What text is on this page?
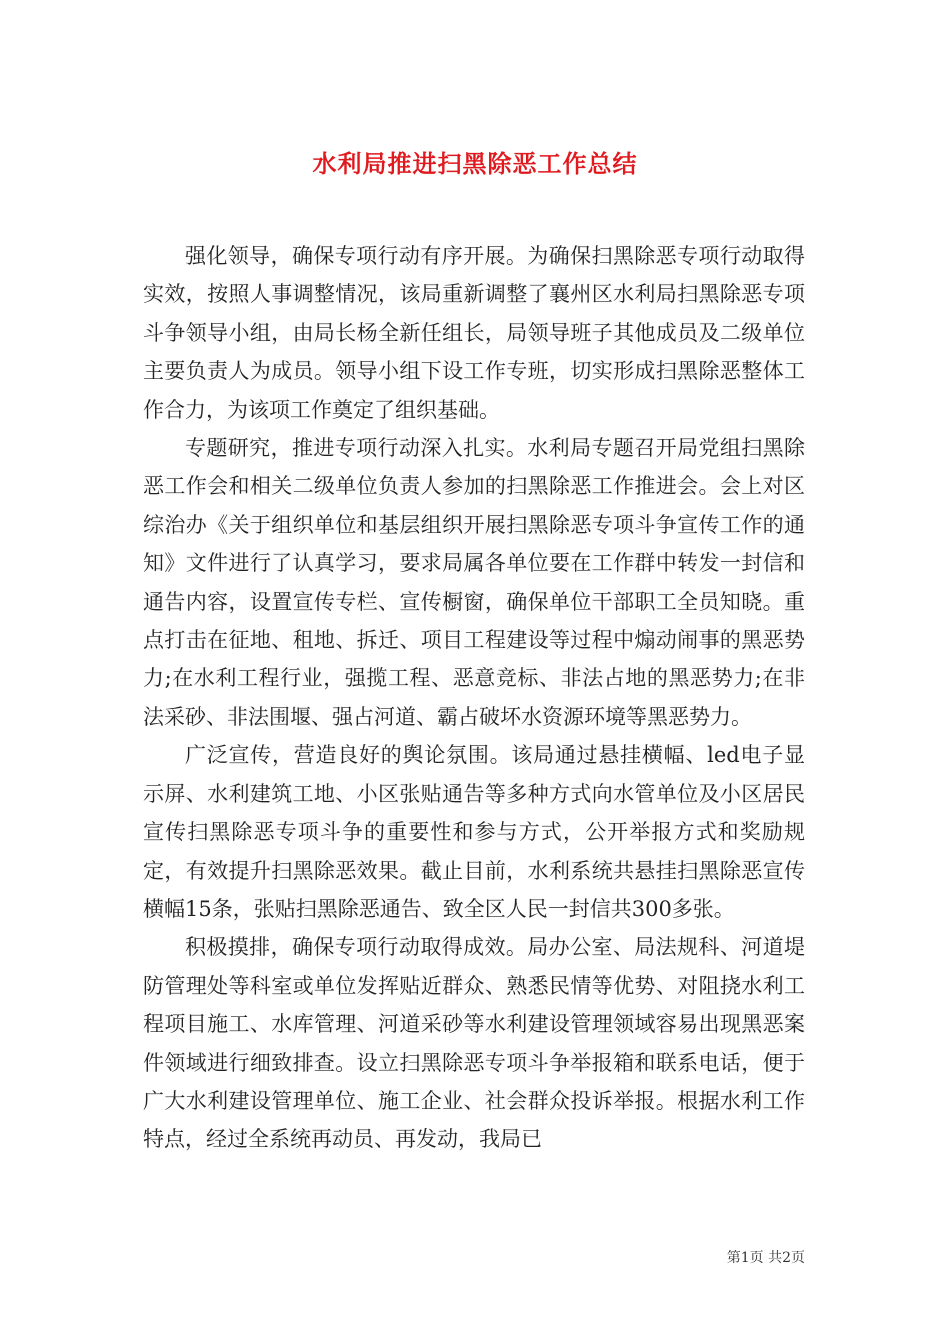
水利局推进扫黑除恶工作总结

强化领导，确保专项行动有序开展。为确保扫黑除恶专项行动取得实效，按照人事调整情况，该局重新调整了襄州区水利局扫黑除恶专项斗争领导小组，由局长杨全新任组长，局领导班子其他成员及二级单位主要负责人为成员。领导小组下设工作专班，切实形成扫黑除恶整体工作合力，为该项工作奠定了组织基础。

专题研究，推进专项行动深入扎实。水利局专题召开局党组扫黑除恶工作会和相关二级单位负责人参加的扫黑除恶工作推进会。会上对区综治办《关于组织单位和基层组织开展扫黑除恶专项斗争宣传工作的通知》文件进行了认真学习，要求局属各单位要在工作群中转发一封信和通告内容，设置宣传专栏、宣传橱窗，确保单位干部职工全员知晓。重点打击在征地、租地、拆迁、项目工程建设等过程中煽动闹事的黑恶势力;在水利工程行业，强揽工程、恶意竞标、非法占地的黑恶势力;在非法采砂、非法围堰、强占河道、霸占破坏水资源环境等黑恶势力。

广泛宣传，营造良好的舆论氛围。该局通过悬挂横幅、led电子显示屏、水利建筑工地、小区张贴通告等多种方式向水管单位及小区居民宣传扫黑除恶专项斗争的重要性和参与方式，公开举报方式和奖励规定，有效提升扫黑除恶效果。截止目前，水利系统共悬挂扫黑除恶宣传横幅15条，张贴扫黑除恶通告、致全区人民一封信共300多张。

积极摸排，确保专项行动取得成效。局办公室、局法规科、河道堤防管理处等科室或单位发挥贴近群众、熟悉民情等优势、对阻挠水利工程项目施工、水库管理、河道采砂等水利建设管理领域容易出现黑恶案件领域进行细致排查。设立扫黑除恶专项斗争举报箱和联系电话，便于广大水利建设管理单位、施工企业、社会群众投诉举报。根据水利工作特点，经过全系统再动员、再发动，我局已

第1页 共2页
